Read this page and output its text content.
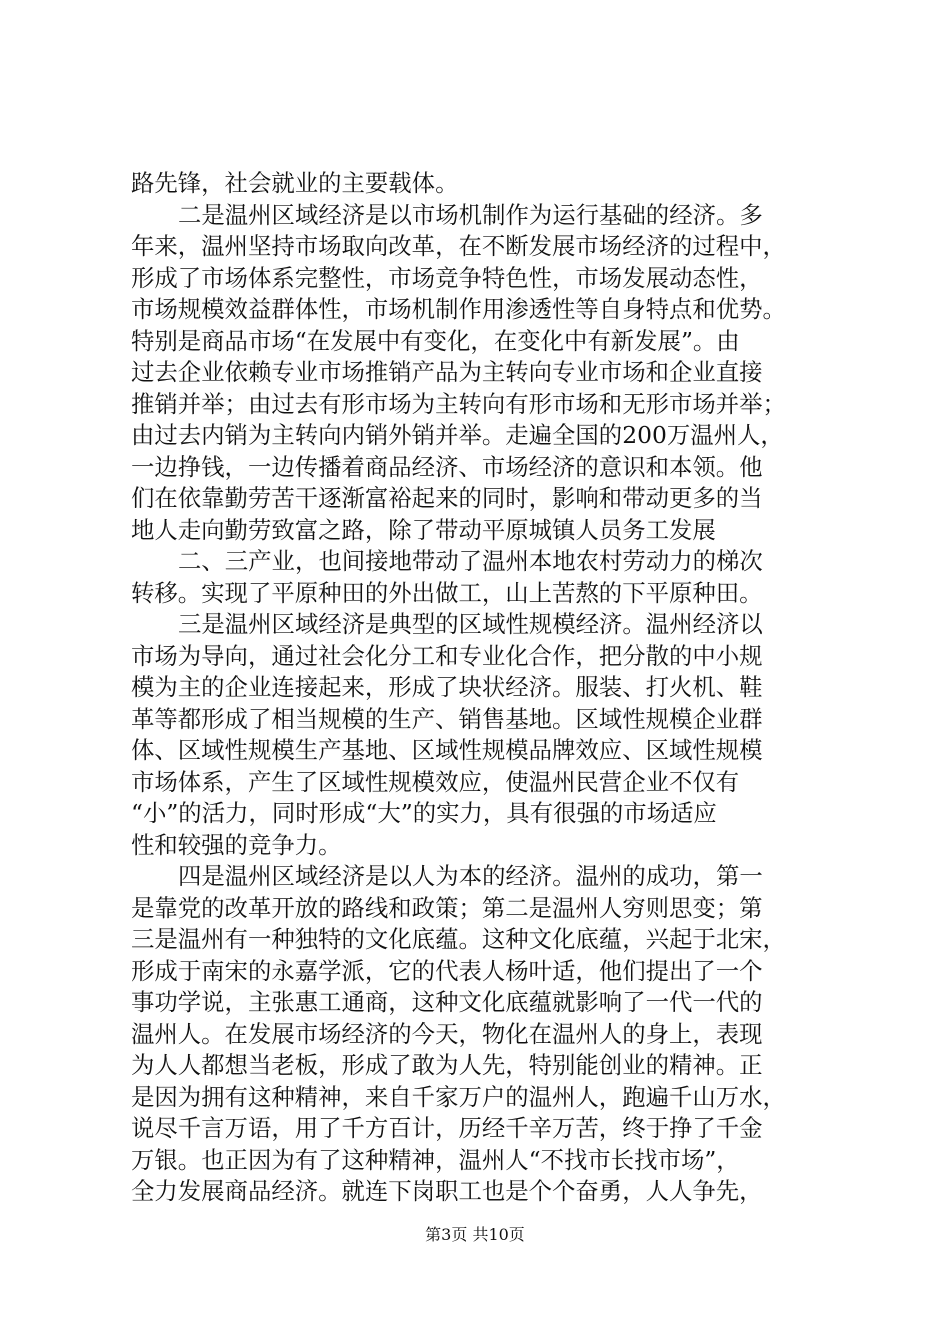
路先锋，社会就业的主要载体。
二是温州区域经济是以市场机制作为运行基础的经济。多
年来，温州坚持市场取向改革，在不断发展市场经济的过程中，
形成了市场体系完整性，市场竞争特色性，市场发展动态性，
市场规模效益群体性，市场机制作用渗透性等自身特点和优势。
特别是商品市场“在发展中有变化，在变化中有新发展”。由
过去企业依赖专业市场推销产品为主转向专业市场和企业直接
推销并举；由过去有形市场为主转向有形市场和无形市场并举；
由过去内销为主转向内销外销并举。走遍全国的200万温州人，
一边挣钱，一边传播着商品经济、市场经济的意识和本领。他
们在依靠勤劳苦干逐渐富裕起来的同时，影响和带动更多的当
地人走向勤劳致富之路，除了带动平原城镇人员务工发展
二、三产业，也间接地带动了温州本地农村劳动力的梯次
转移。实现了平原种田的外出做工，山上苦熬的下平原种田。
三是温州区域经济是典型的区域性规模经济。温州经济以
市场为导向，通过社会化分工和专业化合作，把分散的中小规
模为主的企业连接起来，形成了块状经济。服装、打火机、鞋
革等都形成了相当规模的生产、销售基地。区域性规模企业群
体、区域性规模生产基地、区域性规模品牌效应、区域性规模
市场体系，产生了区域性规模效应，使温州民营企业不仅有
“小”的活力，同时形成“大”的实力，具有很强的市场适应
性和较强的竞争力。
四是温州区域经济是以人为本的经济。温州的成功，第一
是靠党的改革开放的路线和政策；第二是温州人穷则思变；第
三是温州有一种独特的文化底蕴。这种文化底蕴，兴起于北宋，
形成于南宋的永嘉学派，它的代表人杨叶适，他们提出了一个
事功学说，主张惠工通商，这种文化底蕴就影响了一代一代的
温州人。在发展市场经济的今天，物化在温州人的身上，表现
为人人都想当老板，形成了敢为人先，特别能创业的精神。正
是因为拥有这种精神，来自千家万户的温州人，跑遍千山万水，
说尽千言万语，用了千方百计，历经千辛万苦，终于挣了千金
万银。也正因为有了这种精神，温州人“不找市长找市场”，
全力发展商品经济。就连下岗职工也是个个奋勇，人人争先，
第3页 共10页
